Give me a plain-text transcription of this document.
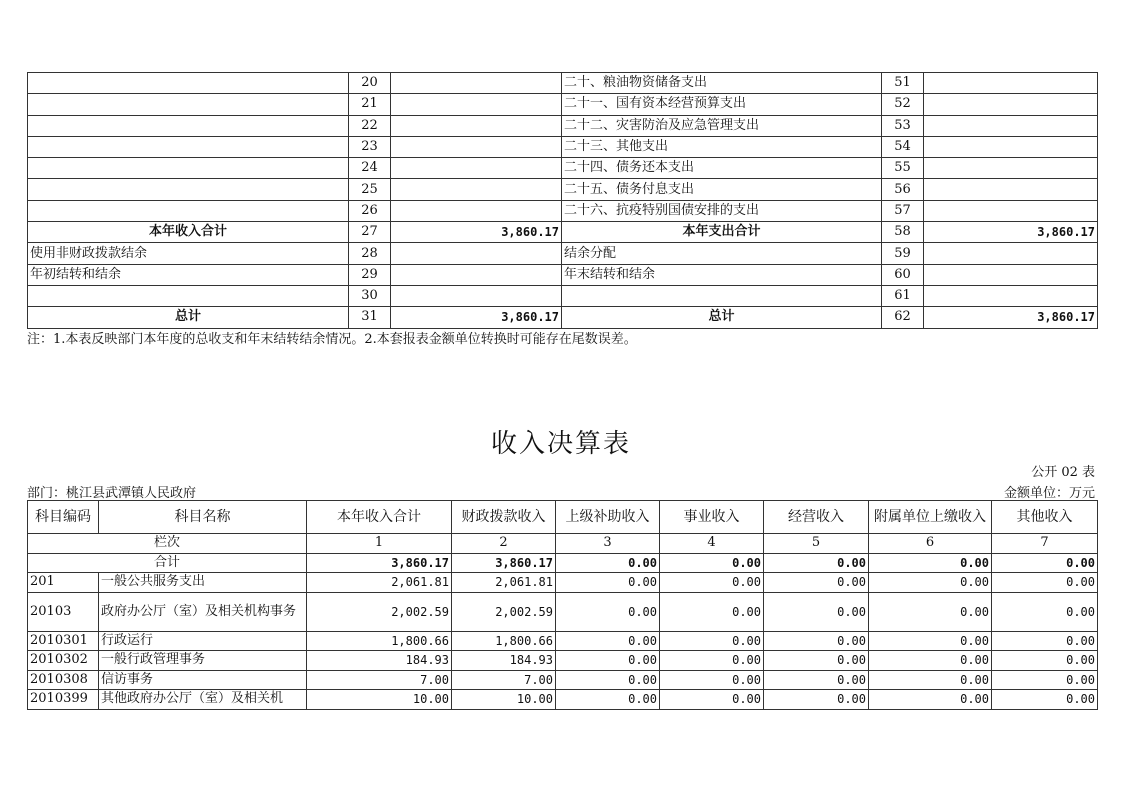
	20		二十、粮油物资储备支出	51	
	21		二十一、国有资本经营预算支出	52	
	22		二十二、灾害防治及应急管理支出	53	
	23		二十三、其他支出	54	
	24		二十四、债务还本支出	55	
	25		二十五、债务付息支出	56	
	26		二十六、抗疫特别国债安排的支出	57	
本年收入合计	27	3,860.17	本年支出合计	58	3,860.17
使用非财政拨款结余	28		结余分配	59	
年初结转和结余	29		年末结转和结余	60	
	30			61	
总计	31	3,860.17	总计	62	3,860.17
注：1.本表反映部门本年度的总收支和年末结转结余情况。2.本套报表金额单位转换时可能存在尾数误差。
收入决算表
公开 02 表
部门：桃江县武潭镇人民政府	金额单位：万元
科目编码	科目名称	本年收入合计	财政拨款收入	上级补助收入	事业收入	经营收入	附属单位上缴收入	其他收入
栏次		1	2	3	4	5	6	7
合计		3,860.17	3,860.17	0.00	0.00	0.00	0.00	0.00
201	一般公共服务支出	2,061.81	2,061.81	0.00	0.00	0.00	0.00	0.00
20103	政府办公厅（室）及相关机构事务	2,002.59	2,002.59	0.00	0.00	0.00	0.00	0.00
2010301	行政运行	1,800.66	1,800.66	0.00	0.00	0.00	0.00	0.00
2010302	一般行政管理事务	184.93	184.93	0.00	0.00	0.00	0.00	0.00
2010308	信访事务	7.00	7.00	0.00	0.00	0.00	0.00	0.00
2010399	其他政府办公厅（室）及相关机	10.00	10.00	0.00	0.00	0.00	0.00	0.00
